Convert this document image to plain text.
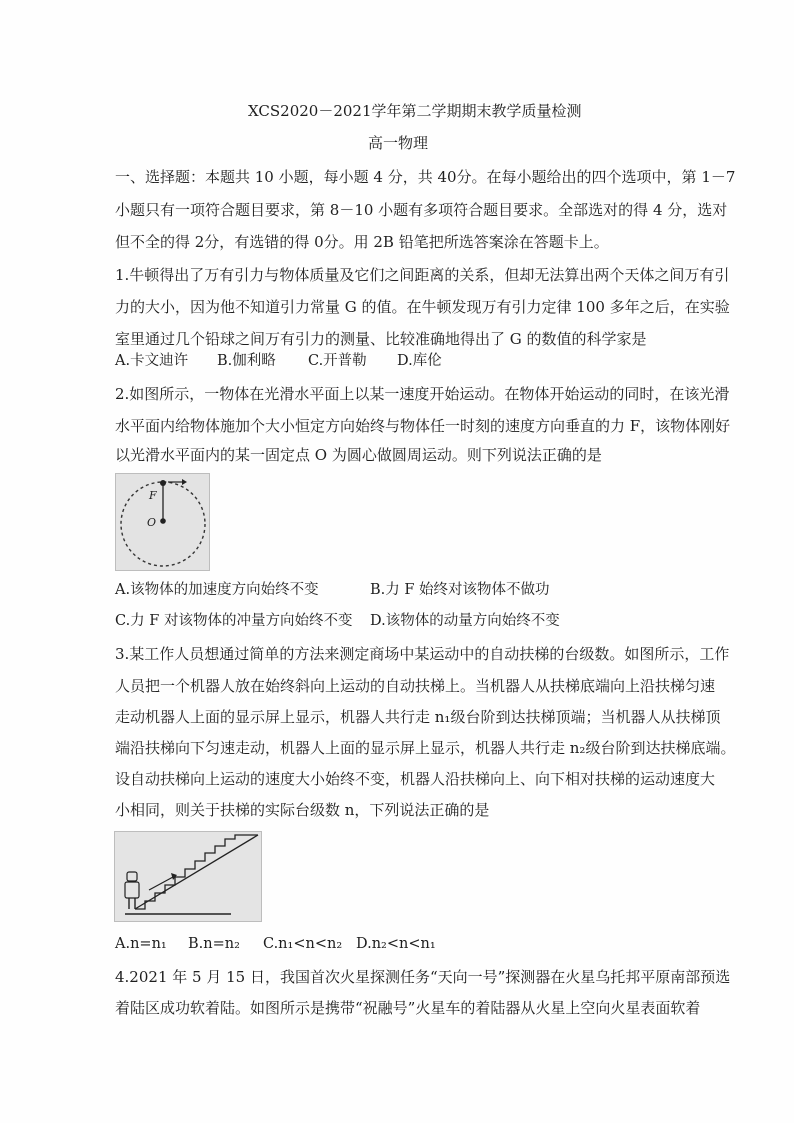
XCS2020－2021学年第二学期期末教学质量检测
高一物理
一、选择题：本题共 10 小题，每小题 4 分，共 40分。在每小题给出的四个选项中，第 1－7
小题只有一项符合题目要求，第 8－10 小题有多项符合题目要求。全部选对的得 4 分，选对
但不全的得 2分，有选错的得 0分。用 2B 铅笔把所选答案涂在答题卡上。
1.牛顿得出了万有引力与物体质量及它们之间距离的关系，但却无法算出两个天体之间万有引
力的大小，因为他不知道引力常量 G 的值。在牛顿发现万有引力定律 100 多年之后，在实验
室里通过几个铅球之间万有引力的测量、比较准确地得出了 G 的数值的科学家是
A.卡文迪许 B.伽利略 C.开普勒 D.库伦
2.如图所示，一物体在光滑水平面上以某一速度开始运动。在物体开始运动的同时，在该光滑
水平面内给物体施加个大小恒定方向始终与物体任一时刻的速度方向垂直的力 F，该物体刚好
以光滑水平面内的某一固定点 O 为圆心做圆周运动。则下列说法正确的是
F
O
A.该物体的加速度方向始终不变	B.力 F 始终对该物体不做功
C.力 F 对该物体的冲量方向始终不变 D.该物体的动量方向始终不变
3.某工作人员想通过简单的方法来测定商场中某运动中的自动扶梯的台级数。如图所示，工作
人员把一个机器人放在始终斜向上运动的自动扶梯上。当机器人从扶梯底端向上沿扶梯匀速
走动机器人上面的显示屏上显示，机器人共行走 n₁级台阶到达扶梯顶端；当机器人从扶梯顶
端沿扶梯向下匀速走动，机器人上面的显示屏上显示，机器人共行走 n₂级台阶到达扶梯底端。
设自动扶梯向上运动的速度大小始终不变，机器人沿扶梯向上、向下相对扶梯的运动速度大
小相同，则关于扶梯的实际台级数 n，下列说法正确的是
A.n=n₁ B.n=n₂ C.n₁<n<n₂ D.n₂<n<n₁
4.2021 年 5 月 15 日，我国首次火星探测任务“天向一号”探测器在火星乌托邦平原南部预选
着陆区成功软着陆。如图所示是携带“祝融号”火星车的着陆器从火星上空向火星表面软着
